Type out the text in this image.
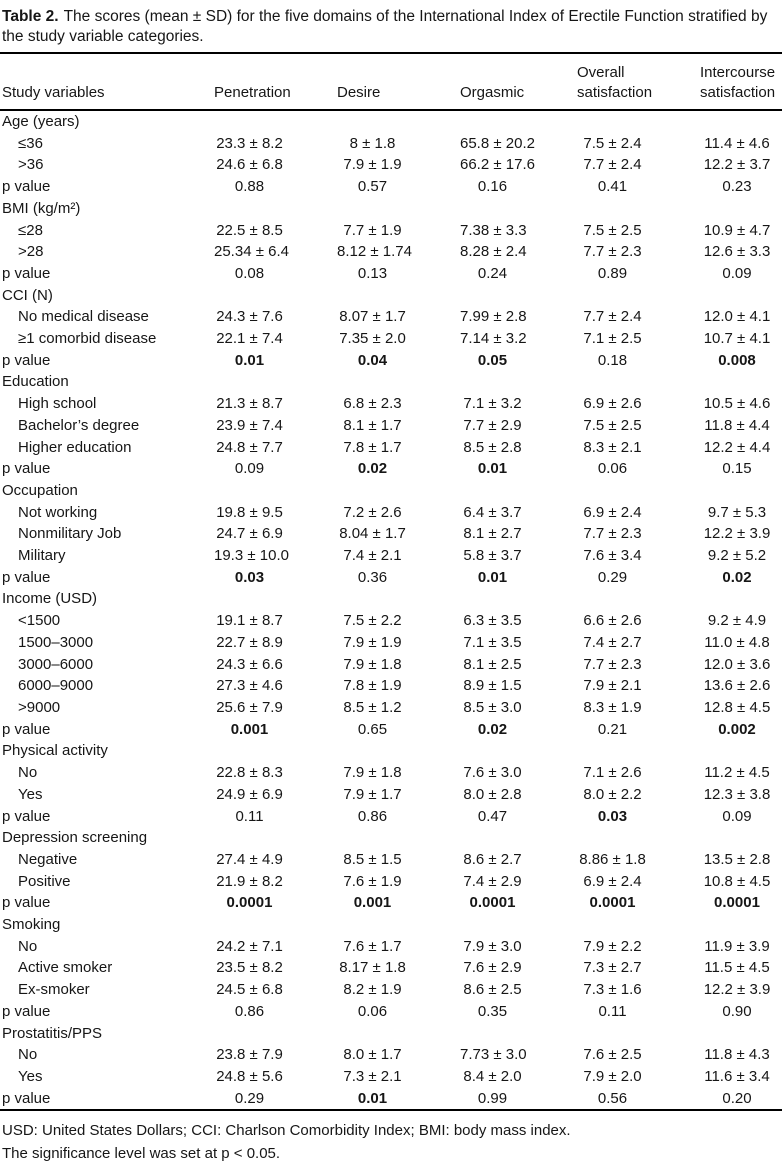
Table 2. The scores (mean ± SD) for the five domains of the International Index of Erectile Function stratified by the study variable categories.

Study variables	Penetration	Desire	Orgasmic	Overall satisfaction	Intercourse satisfaction
Age (years)					
≤36	23.3 ± 8.2	8 ± 1.8	65.8 ± 20.2	7.5 ± 2.4	11.4 ± 4.6
>36	24.6 ± 6.8	7.9 ± 1.9	66.2 ± 17.6	7.7 ± 2.4	12.2 ± 3.7
p value	0.88	0.57	0.16	0.41	0.23
BMI (kg/m²)					
≤28	22.5 ± 8.5	7.7 ± 1.9	7.38 ± 3.3	7.5 ± 2.5	10.9 ± 4.7
>28	25.34 ± 6.4	8.12 ± 1.74	8.28 ± 2.4	7.7 ± 2.3	12.6 ± 3.3
p value	0.08	0.13	0.24	0.89	0.09
CCI (N)					
No medical disease	24.3 ± 7.6	8.07 ± 1.7	7.99 ± 2.8	7.7 ± 2.4	12.0 ± 4.1
≥1 comorbid disease	22.1 ± 7.4	7.35 ± 2.0	7.14 ± 3.2	7.1 ± 2.5	10.7 ± 4.1
p value	0.01	0.04	0.05	0.18	0.008
Education					
High school	21.3 ± 8.7	6.8 ± 2.3	7.1 ± 3.2	6.9 ± 2.6	10.5 ± 4.6
Bachelor’s degree	23.9 ± 7.4	8.1 ± 1.7	7.7 ± 2.9	7.5 ± 2.5	11.8 ± 4.4
Higher education	24.8 ± 7.7	7.8 ± 1.7	8.5 ± 2.8	8.3 ± 2.1	12.2 ± 4.4
p value	0.09	0.02	0.01	0.06	0.15
Occupation					
Not working	19.8 ± 9.5	7.2 ± 2.6	6.4 ± 3.7	6.9 ± 2.4	9.7 ± 5.3
Nonmilitary Job	24.7 ± 6.9	8.04 ± 1.7	8.1 ± 2.7	7.7 ± 2.3	12.2 ± 3.9
Military	19.3 ± 10.0	7.4 ± 2.1	5.8 ± 3.7	7.6 ± 3.4	9.2 ± 5.2
p value	0.03	0.36	0.01	0.29	0.02
Income (USD)					
<1500	19.1 ± 8.7	7.5 ± 2.2	6.3 ± 3.5	6.6 ± 2.6	9.2 ± 4.9
1500–3000	22.7 ± 8.9	7.9 ± 1.9	7.1 ± 3.5	7.4 ± 2.7	11.0 ± 4.8
3000–6000	24.3 ± 6.6	7.9 ± 1.8	8.1 ± 2.5	7.7 ± 2.3	12.0 ± 3.6
6000–9000	27.3 ± 4.6	7.8 ± 1.9	8.9 ± 1.5	7.9 ± 2.1	13.6 ± 2.6
>9000	25.6 ± 7.9	8.5 ± 1.2	8.5 ± 3.0	8.3 ± 1.9	12.8 ± 4.5
p value	0.001	0.65	0.02	0.21	0.002
Physical activity					
No	22.8 ± 8.3	7.9 ± 1.8	7.6 ± 3.0	7.1 ± 2.6	11.2 ± 4.5
Yes	24.9 ± 6.9	7.9 ± 1.7	8.0 ± 2.8	8.0 ± 2.2	12.3 ± 3.8
p value	0.11	0.86	0.47	0.03	0.09
Depression screening					
Negative	27.4 ± 4.9	8.5 ± 1.5	8.6 ± 2.7	8.86 ± 1.8	13.5 ± 2.8
Positive	21.9 ± 8.2	7.6 ± 1.9	7.4 ± 2.9	6.9 ± 2.4	10.8 ± 4.5
p value	0.0001	0.001	0.0001	0.0001	0.0001
Smoking					
No	24.2 ± 7.1	7.6 ± 1.7	7.9 ± 3.0	7.9 ± 2.2	11.9 ± 3.9
Active smoker	23.5 ± 8.2	8.17 ± 1.8	7.6 ± 2.9	7.3 ± 2.7	11.5 ± 4.5
Ex-smoker	24.5 ± 6.8	8.2 ± 1.9	8.6 ± 2.5	7.3 ± 1.6	12.2 ± 3.9
p value	0.86	0.06	0.35	0.11	0.90
Prostatitis/PPS					
No	23.8 ± 7.9	8.0 ± 1.7	7.73 ± 3.0	7.6 ± 2.5	11.8 ± 4.3
Yes	24.8 ± 5.6	7.3 ± 2.1	8.4 ± 2.0	7.9 ± 2.0	11.6 ± 3.4
p value	0.29	0.01	0.99	0.56	0.20

USD: United States Dollars; CCI: Charlson Comorbidity Index; BMI: body mass index.

The significance level was set at p < 0.05.
